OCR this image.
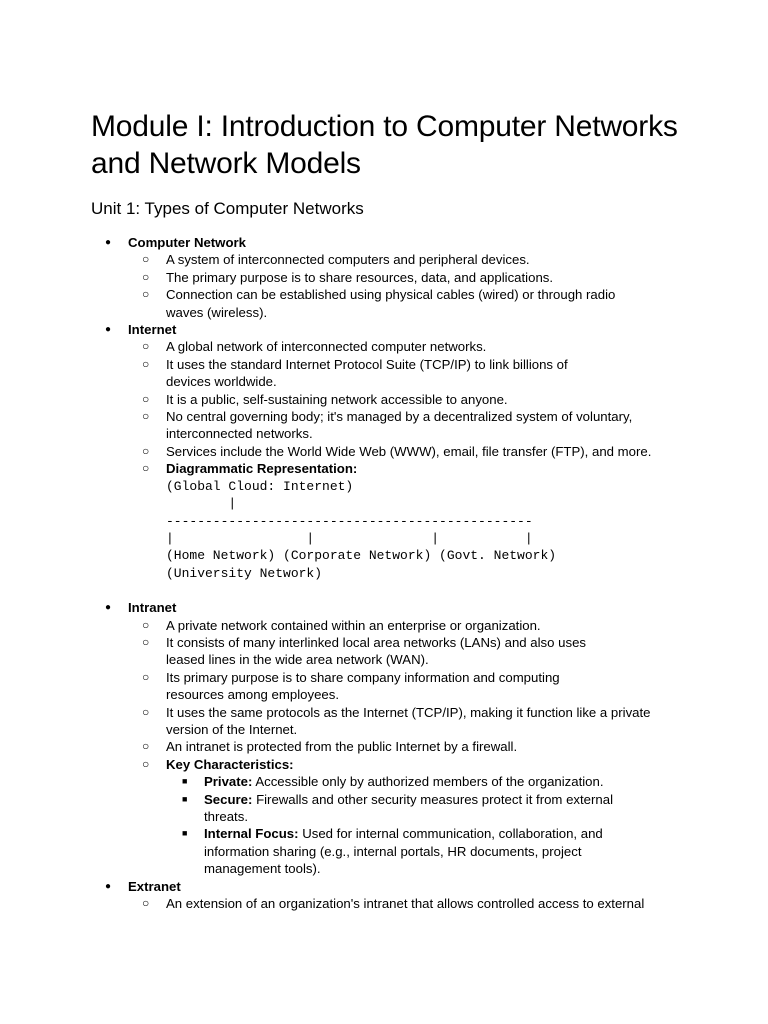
Module I: Introduction to Computer Networks and Network Models
Unit 1: Types of Computer Networks
● Computer Network
○ A system of interconnected computers and peripheral devices.
○ The primary purpose is to share resources, data, and applications.
○ Connection can be established using physical cables (wired) or through radio waves (wireless).
● Internet
○ A global network of interconnected computer networks.
○ It uses the standard Internet Protocol Suite (TCP/IP) to link billions of devices worldwide.
○ It is a public, self-sustaining network accessible to anyone.
○ No central governing body; it's managed by a decentralized system of voluntary, interconnected networks.
○ Services include the World Wide Web (WWW), email, file transfer (FTP), and more.
○ Diagrammatic Representation:
(Global Cloud: Internet)
|
-----------------------------------------------
|                 |               |           |
(Home Network) (Corporate Network) (Govt. Network)
(University Network)
● Intranet
○ A private network contained within an enterprise or organization.
○ It consists of many interlinked local area networks (LANs) and also uses leased lines in the wide area network (WAN).
○ Its primary purpose is to share company information and computing resources among employees.
○ It uses the same protocols as the Internet (TCP/IP), making it function like a private version of the Internet.
○ An intranet is protected from the public Internet by a firewall.
○ Key Characteristics:
■ Private: Accessible only by authorized members of the organization.
■ Secure: Firewalls and other security measures protect it from external threats.
■ Internal Focus: Used for internal communication, collaboration, and information sharing (e.g., internal portals, HR documents, project management tools).
● Extranet
○ An extension of an organization's intranet that allows controlled access to external
